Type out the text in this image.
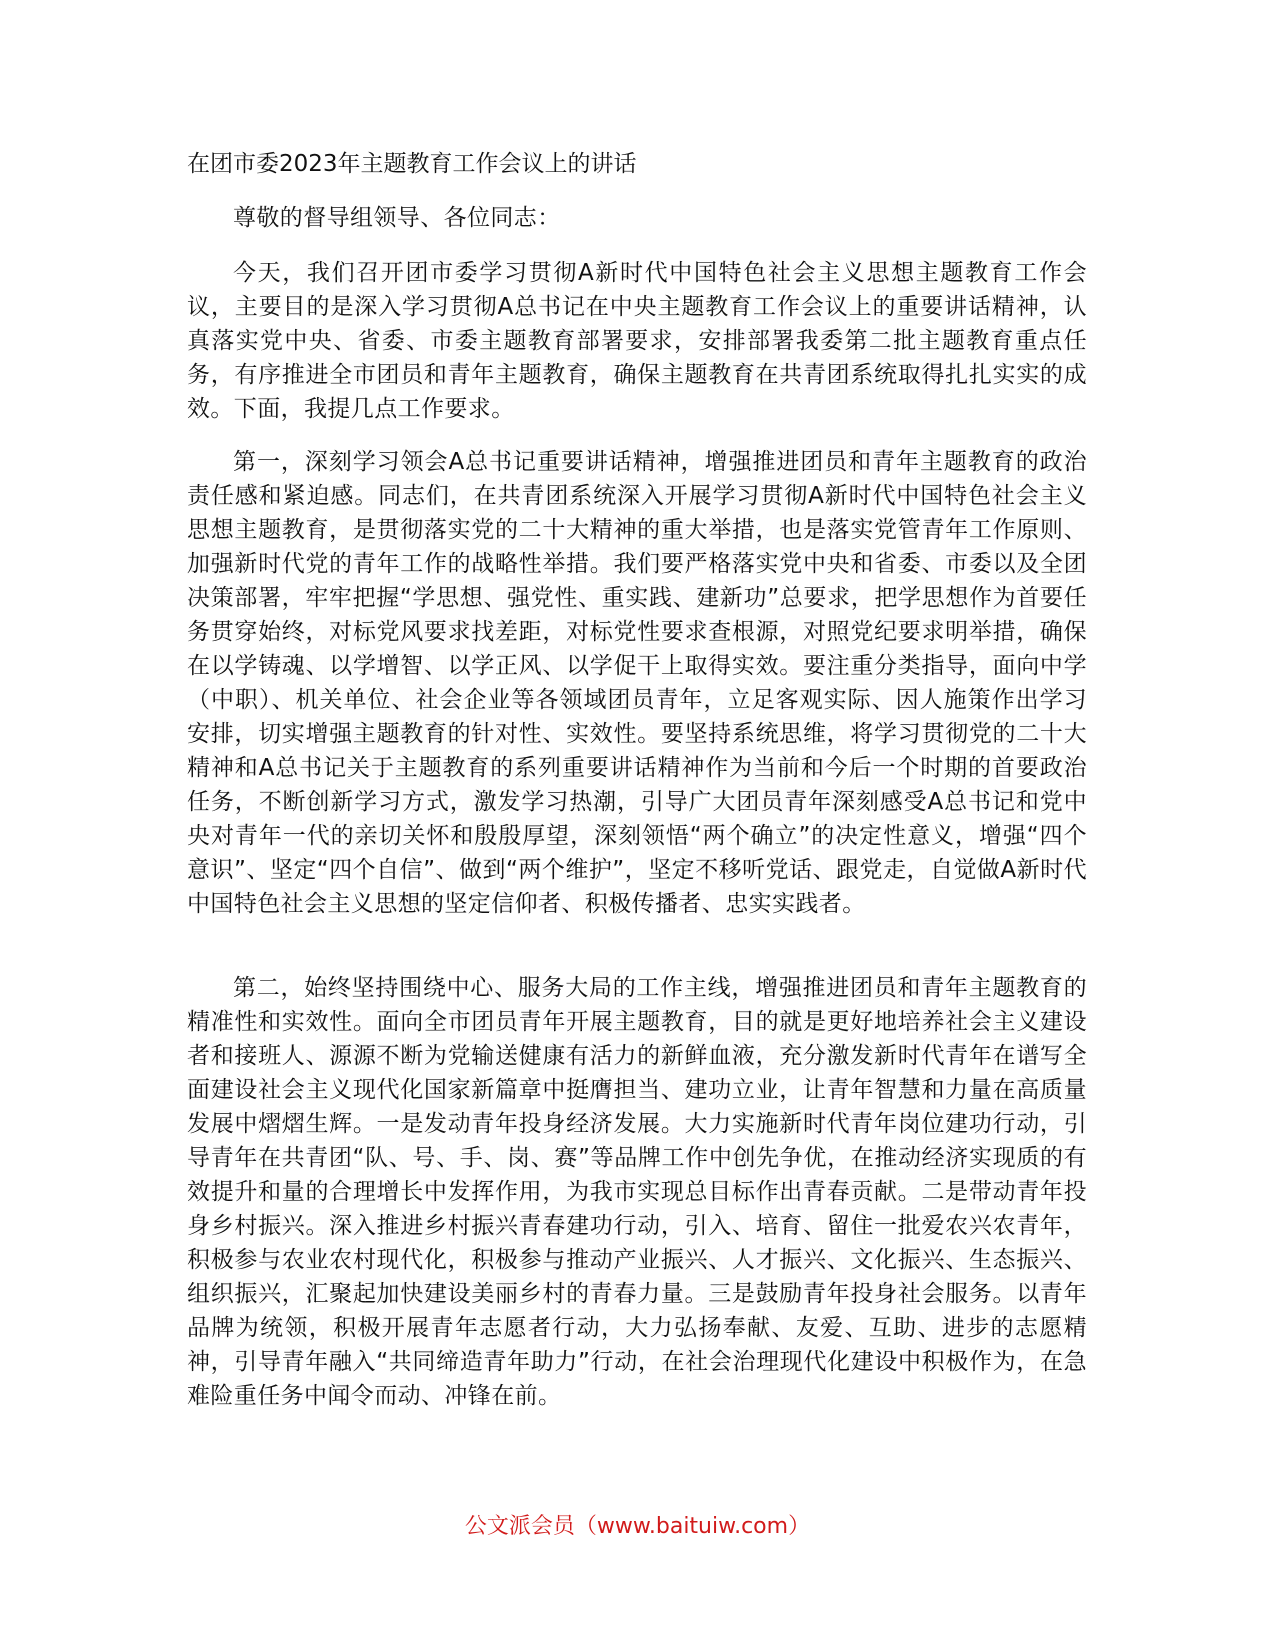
在团市委2023年主题教育工作会议上的讲话

尊敬的督导组领导、各位同志：

今天，我们召开团市委学习贯彻A新时代中国特色社会主义思想主题教育工作会议，主要目的是深入学习贯彻A总书记在中央主题教育工作会议上的重要讲话精神，认真落实党中央、省委、市委主题教育部署要求，安排部署我委第二批主题教育重点任务，有序推进全市团员和青年主题教育，确保主题教育在共青团系统取得扎扎实实的成效。下面，我提几点工作要求。

第一，深刻学习领会A总书记重要讲话精神，增强推进团员和青年主题教育的政治责任感和紧迫感。同志们，在共青团系统深入开展学习贯彻A新时代中国特色社会主义思想主题教育，是贯彻落实党的二十大精神的重大举措，也是落实党管青年工作原则、加强新时代党的青年工作的战略性举措。我们要严格落实党中央和省委、市委以及全团决策部署，牢牢把握“学思想、强党性、重实践、建新功”总要求，把学思想作为首要任务贯穿始终，对标党风要求找差距，对标党性要求查根源，对照党纪要求明举措，确保在以学铸魂、以学增智、以学正风、以学促干上取得实效。要注重分类指导，面向中学（中职）、机关单位、社会企业等各领域团员青年，立足客观实际、因人施策作出学习安排，切实增强主题教育的针对性、实效性。要坚持系统思维，将学习贯彻党的二十大精神和A总书记关于主题教育的系列重要讲话精神作为当前和今后一个时期的首要政治任务，不断创新学习方式，激发学习热潮，引导广大团员青年深刻感受A总书记和党中央对青年一代的亲切关怀和殷殷厚望，深刻领悟“两个确立”的决定性意义，增强“四个意识”、坚定“四个自信”、做到“两个维护”，坚定不移听党话、跟党走，自觉做A新时代中国特色社会主义思想的坚定信仰者、积极传播者、忠实实践者。

第二，始终坚持围绕中心、服务大局的工作主线，增强推进团员和青年主题教育的精准性和实效性。面向全市团员青年开展主题教育，目的就是更好地培养社会主义建设者和接班人、源源不断为党输送健康有活力的新鲜血液，充分激发新时代青年在谱写全面建设社会主义现代化国家新篇章中挺膺担当、建功立业，让青年智慧和力量在高质量发展中熠熠生辉。一是发动青年投身经济发展。大力实施新时代青年岗位建功行动，引导青年在共青团“队、号、手、岗、赛”等品牌工作中创先争优，在推动经济实现质的有效提升和量的合理增长中发挥作用，为我市实现总目标作出青春贡献。二是带动青年投身乡村振兴。深入推进乡村振兴青春建功行动，引入、培育、留住一批爱农兴农青年，积极参与农业农村现代化，积极参与推动产业振兴、人才振兴、文化振兴、生态振兴、组织振兴，汇聚起加快建设美丽乡村的青春力量。三是鼓励青年投身社会服务。以青年品牌为统领，积极开展青年志愿者行动，大力弘扬奉献、友爱、互助、进步的志愿精神，引导青年融入“共同缔造青年助力”行动，在社会治理现代化建设中积极作为，在急难险重任务中闻令而动、冲锋在前。

公文派会员（www.baituiw.com）
